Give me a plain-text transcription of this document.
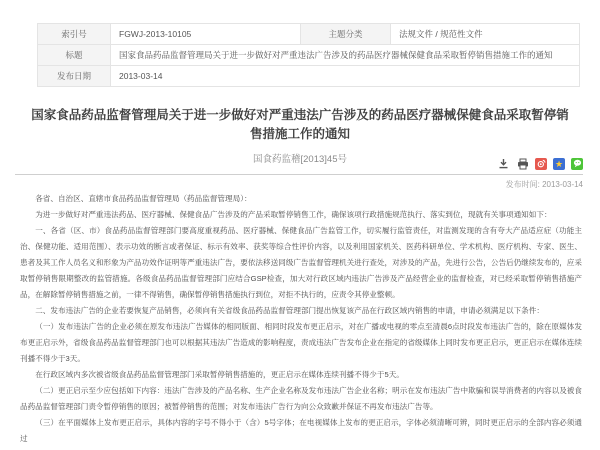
索引号	FGWJ-2013-10105	主题分类	法规文件 / 规范性文件
标题	国家食品药品监督管理局关于进一步做好对严重违法广告涉及的药品医疗器械保健食品采取暂停销售措施工作的通知		
发布日期	2013-03-14		
国家食品药品监督管理局关于进一步做好对严重违法广告涉及的药品医疗器械保健食品采取暂停销售措施工作的通知
国食药监稽[2013]45号	★
发布时间: 2013-03-14

各省、自治区、直辖市食品药品监督管理局（药品监督管理局）：

为进一步做好对严重违法药品、医疗器械、保健食品广告涉及的产品采取暂停销售工作，确保该项行政措施规范执行、落实到位，现就有关事项通知如下：

一、各省（区、市）食品药品监督管理部门要高度重视药品、医疗器械、保健食品广告监管工作，切实履行监管责任，对监测发现的含有夸大产品适应症（功能主治、保健功能、适用范围）、表示功效的断言或者保证、标示有效率、获奖等综合性评价内容，以及利用国家机关、医药科研单位、学术机构、医疗机构、专家、医生、患者及其工作人员名义和形象为产品功效作证明等严重违法广告，要依法移送同级广告监督管理机关进行查处，对涉及的产品，先进行公告，公告后仍继续发布的，应采取暂停销售限期整改的监管措施。各级食品药品监督管理部门应结合GSP检查，加大对行政区域内违法广告涉及产品经营企业的监督检查，对已经采取暂停销售措施产品，在解除暂停销售措施之前，一律不得销售，确保暂停销售措施执行到位，对拒不执行的，应责令其停业整顿。

二、发布违法广告的企业若要恢复产品销售，必须向有关省级食品药品监督管理部门提出恢复该产品在行政区域内销售的申请，申请必须满足以下条件：

（一）发布违法广告的企业必须在原发布违法广告媒体的相同版面、相同时段发布更正启示，对在广播或电视的零点至清晨6点时段发布违法广告的，除在原媒体发布更正启示外，省级食品药品监督管理部门也可以根据其违法广告造成的影响程度，责成违法广告发布企业在指定的省级媒体上同时发布更正启示，更正启示在媒体连续刊播不得少于3天。

在行政区域内多次被省级食品药品监督管理部门采取暂停销售措施的，更正启示在媒体连续刊播不得少于5天。

（二）更正启示至少应包括如下内容：违法广告涉及的产品名称、生产企业名称及发布违法广告企业名称；明示在发布违法广告中欺骗和误导消费者的内容以及被食品药品监督管理部门责令暂停销售的原因；被暂停销售的范围；对发布违法广告行为向公众致歉并保证不再发布违法广告等。

（三）在平面媒体上发布更正启示，具体内容的字号不得小于（含）5号字体；在电视媒体上发布的更正启示，字体必须清晰可辨，同时更正启示的全部内容必须通过
